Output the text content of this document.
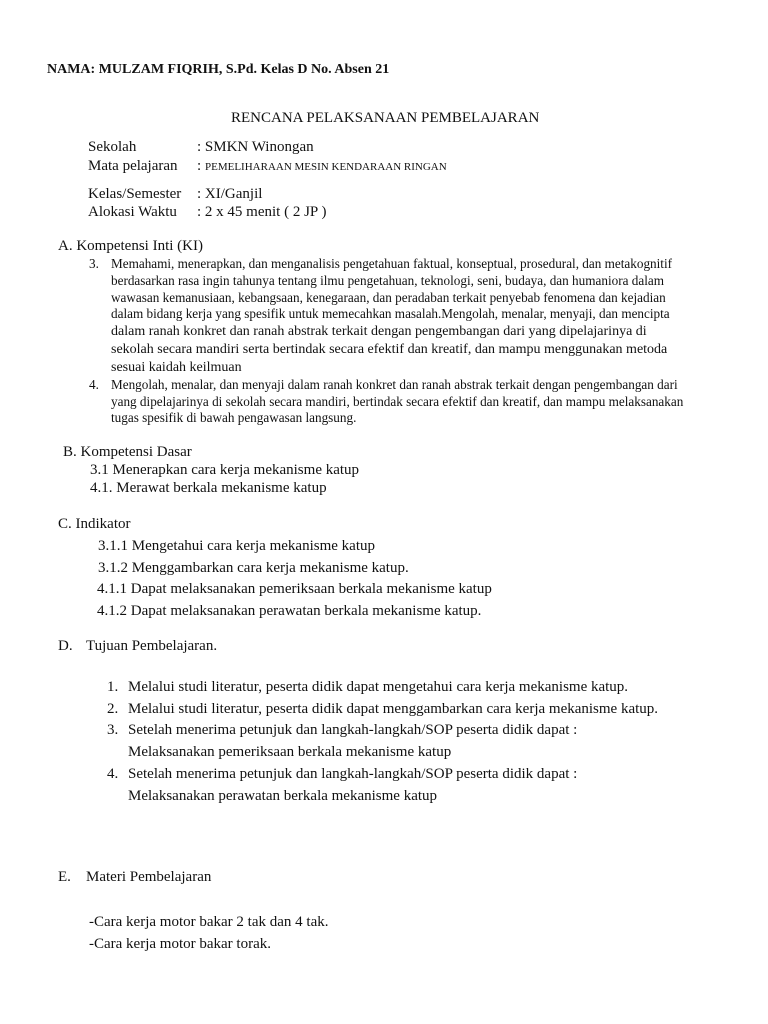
NAMA: MULZAM FIQRIH, S.Pd. Kelas D No. Absen 21
RENCANA PELAKSANAAN PEMBELAJARAN
Sekolah	: SMKN Winongan
Mata pelajaran : PEMELIHARAAN MESIN KENDARAAN RINGAN
Kelas/Semester : XI/Ganjil
Alokasi Waktu : 2 x 45 menit ( 2 JP )
A. Kompetensi Inti (KI)
3. Memahami, menerapkan, dan menganalisis pengetahuan faktual, konseptual, prosedural, dan metakognitif
berdasarkan rasa ingin tahunya tentang ilmu pengetahuan, teknologi, seni, budaya, dan humaniora dalam
wawasan kemanusiaan, kebangsaan, kenegaraan, dan peradaban terkait penyebab fenomena dan kejadian
dalam bidang kerja yang spesifik untuk memecahkan masalah.Mengolah, menalar, menyaji, dan mencipta
dalam ranah konkret dan ranah abstrak terkait dengan pengembangan dari yang dipelajarinya di
sekolah secara mandiri serta bertindak secara efektif dan kreatif, dan mampu menggunakan metoda
sesuai kaidah keilmuan
4. Mengolah, menalar, dan menyaji dalam ranah konkret dan ranah abstrak terkait dengan pengembangan dari
yang dipelajarinya di sekolah secara mandiri, bertindak secara efektif dan kreatif, dan mampu melaksanakan
tugas spesifik di bawah pengawasan langsung.
B. Kompetensi Dasar
3.1 Menerapkan cara kerja mekanisme katup
4.1. Merawat berkala mekanisme katup
C. Indikator
3.1.1 Mengetahui cara kerja mekanisme katup
3.1.2 Menggambarkan cara kerja mekanisme katup.
4.1.1 Dapat melaksanakan pemeriksaan berkala mekanisme katup
4.1.2 Dapat melaksanakan perawatan berkala mekanisme katup.
D. Tujuan Pembelajaran.
1. Melalui studi literatur, peserta didik dapat mengetahui cara kerja mekanisme katup.
2. Melalui studi literatur, peserta didik dapat menggambarkan cara kerja mekanisme katup.
3. Setelah menerima petunjuk dan langkah-langkah/SOP peserta didik dapat :
Melaksanakan pemeriksaan berkala mekanisme katup
4. Setelah menerima petunjuk dan langkah-langkah/SOP peserta didik dapat :
Melaksanakan perawatan berkala mekanisme katup
E. Materi Pembelajaran
-Cara kerja motor bakar 2 tak dan 4 tak.
-Cara kerja motor bakar torak.
